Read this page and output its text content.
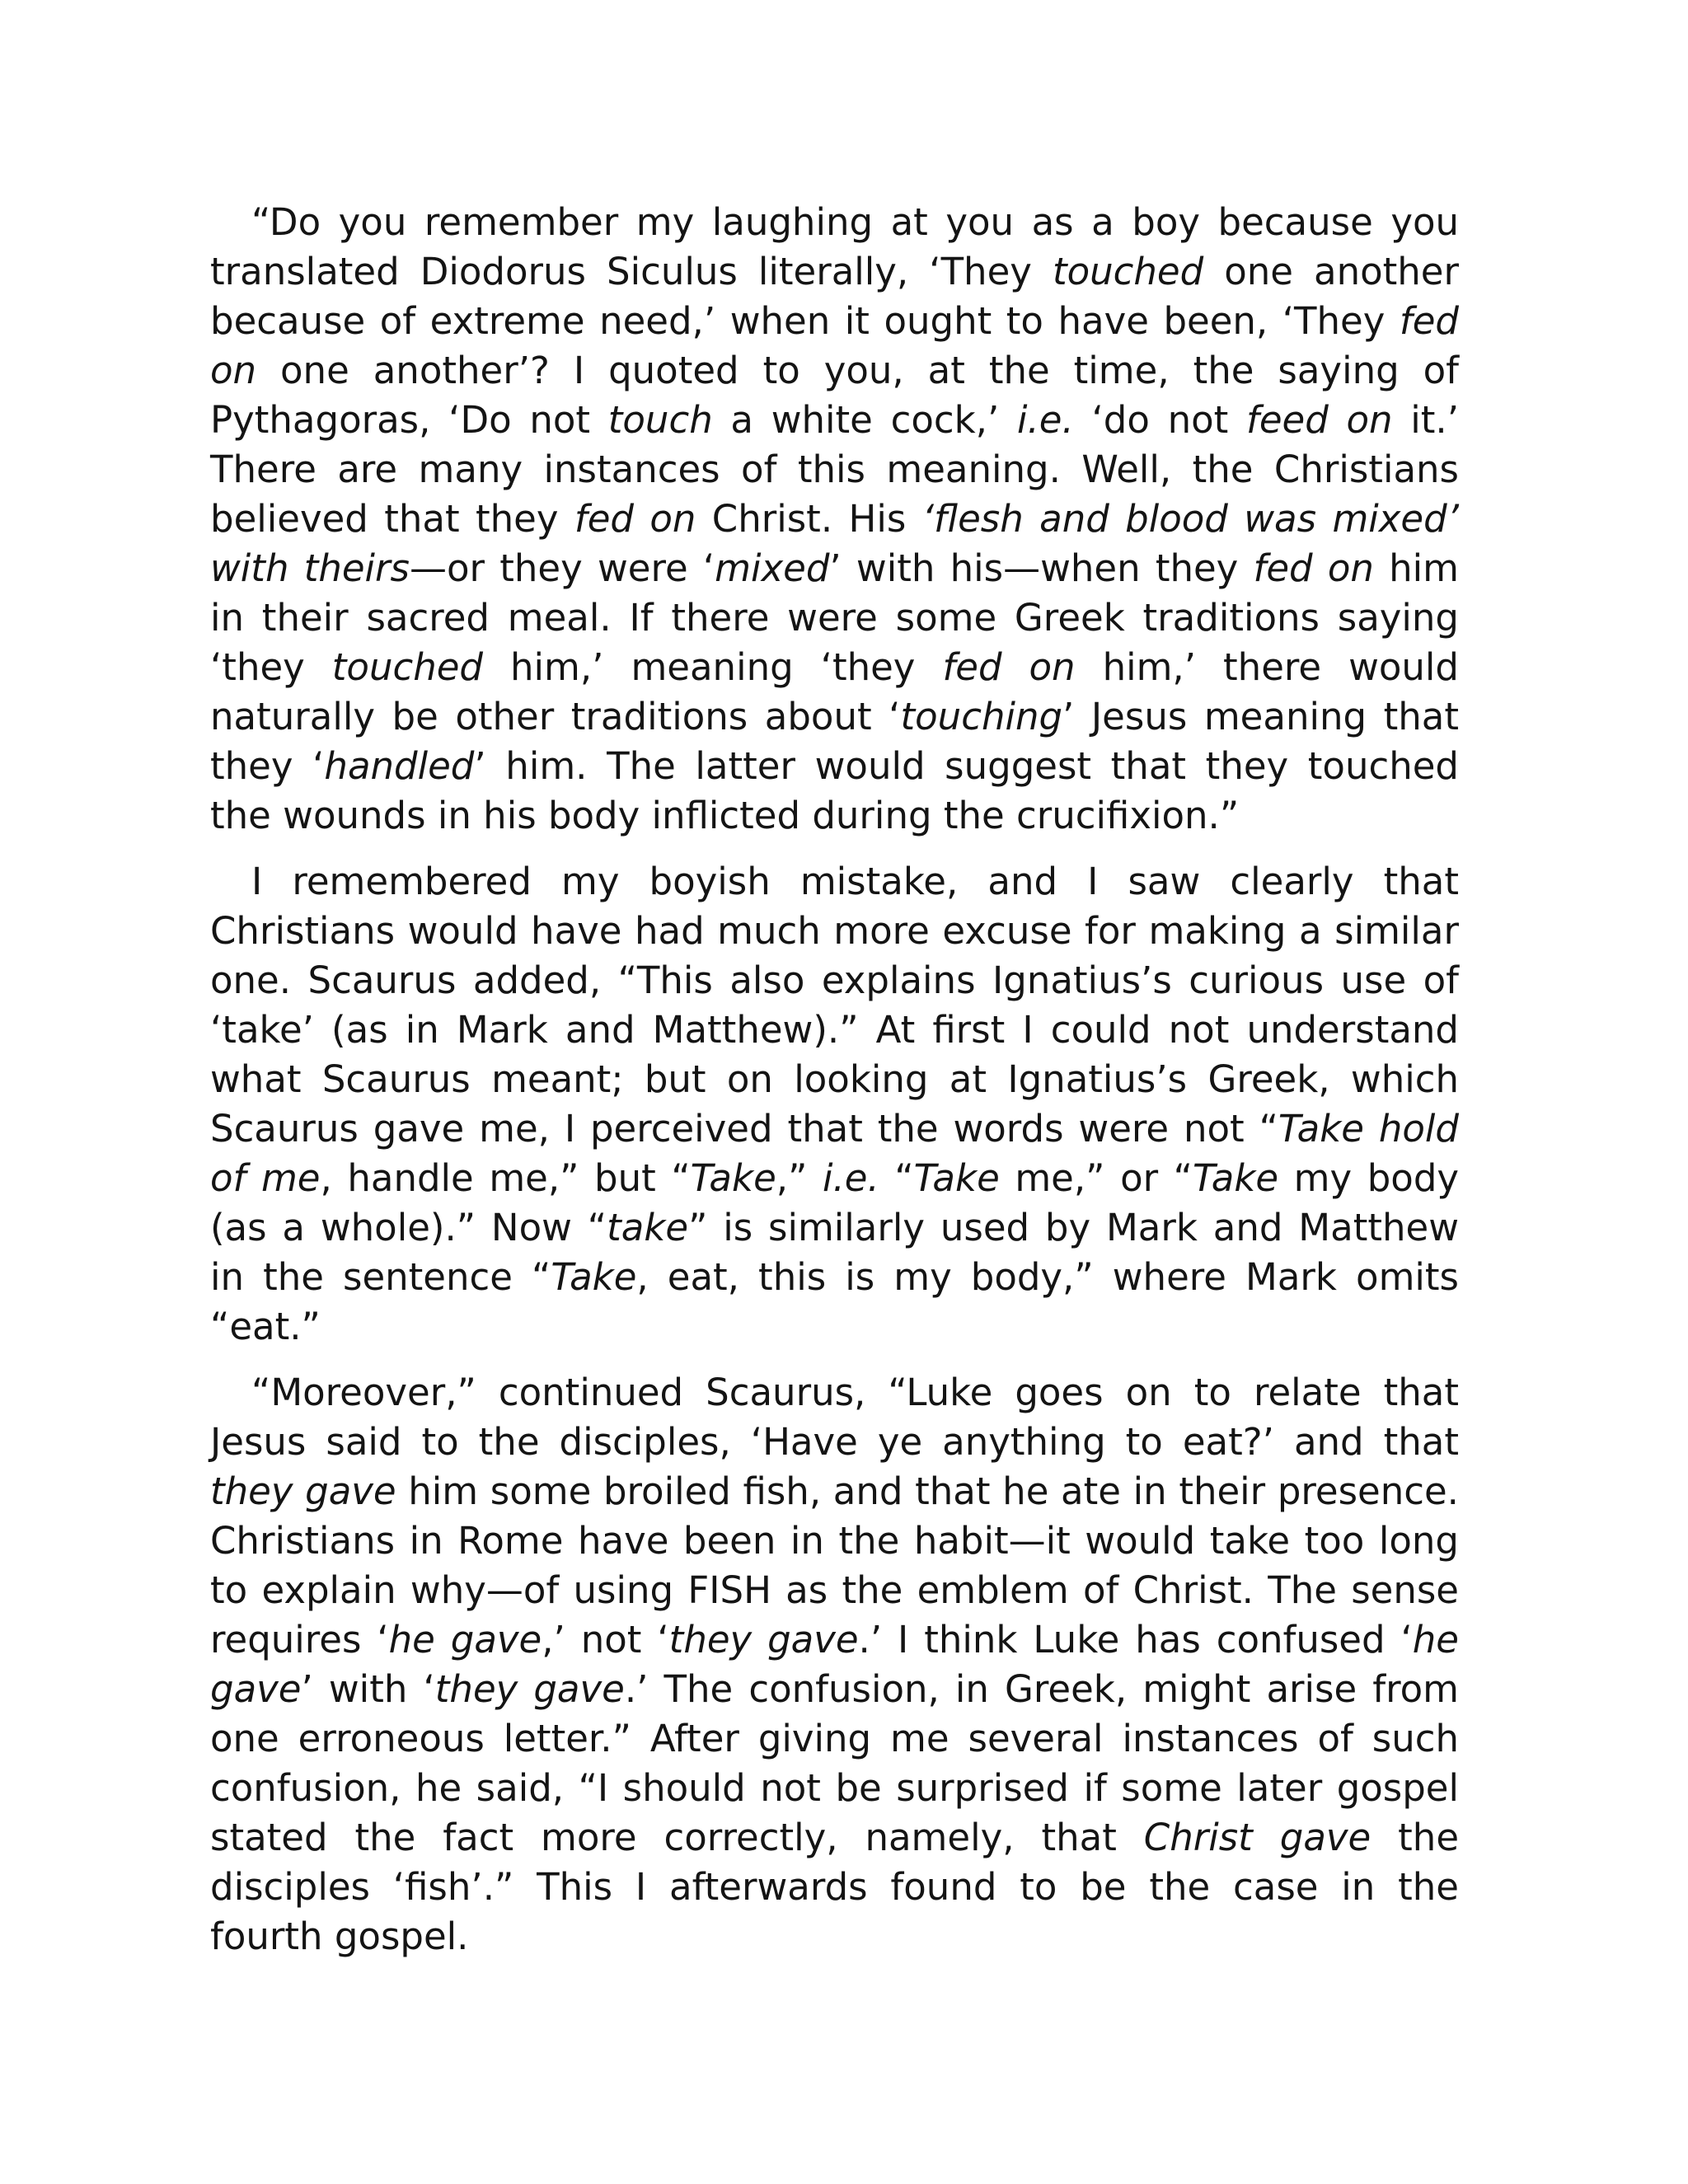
“Do you remember my laughing at you as a boy because you translated Diodorus Siculus literally, ‘They touched one another because of extreme need,’ when it ought to have been, ‘They fed on one another’? I quoted to you, at the time, the saying of Pythagoras, ‘Do not touch a white cock,’ i.e. ‘do not feed on it.’ There are many instances of this meaning. Well, the Christians believed that they fed on Christ. His ‘flesh and blood was mixed’ with theirs—or they were ‘mixed’ with his—when they fed on him in their sacred meal. If there were some Greek traditions saying ‘they touched him,’ meaning ‘they fed on him,’ there would naturally be other traditions about ‘touching’ Jesus meaning that they ‘handled’ him. The latter would suggest that they touched the wounds in his body inflicted during the crucifixion.”

I remembered my boyish mistake, and I saw clearly that Christians would have had much more excuse for making a similar one. Scaurus added, “This also explains Ignatius’s curious use of ‘take’ (as in Mark and Matthew).” At first I could not understand what Scaurus meant; but on looking at Ignatius’s Greek, which Scaurus gave me, I perceived that the words were not “Take hold of me, handle me,” but “Take,” i.e. “Take me,” or “Take my body (as a whole).” Now “take” is similarly used by Mark and Matthew in the sentence “Take, eat, this is my body,” where Mark omits “eat.”

“Moreover,” continued Scaurus, “Luke goes on to relate that Jesus said to the disciples, ‘Have ye anything to eat?’ and that they gave him some broiled fish, and that he ate in their presence. Christians in Rome have been in the habit—it would take too long to explain why—of using FISH as the emblem of Christ. The sense requires ‘he gave,’ not ‘they gave.’ I think Luke has confused ‘he gave’ with ‘they gave.’ The confusion, in Greek, might arise from one erroneous letter.” After giving me several instances of such confusion, he said, “I should not be surprised if some later gospel stated the fact more correctly, namely, that Christ gave the disciples ‘fish’.” This I afterwards found to be the case in the fourth gospel.
